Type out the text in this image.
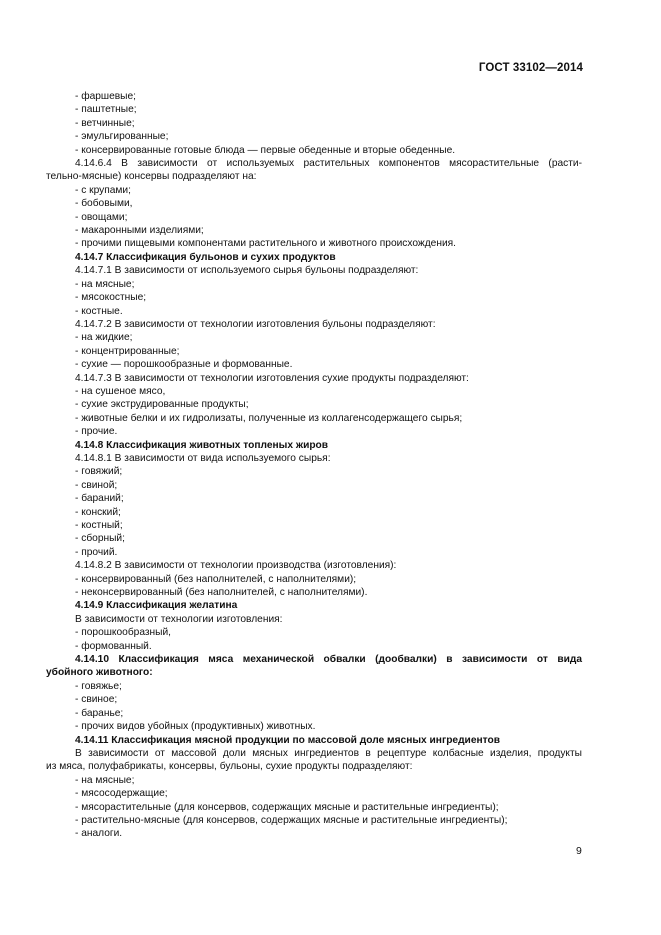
ГОСТ 33102—2014
- фаршевые;
- паштетные;
- ветчинные;
- эмульгированные;
- консервированные готовые блюда — первые обеденные и вторые обеденные.
4.14.6.4 В зависимости от используемых растительных компонентов мясорастительные (расти-
тельно-мясные) консервы подразделяют на:
- с крупами;
- бобовыми,
- овощами;
- макаронными изделиями;
- прочими пищевыми компонентами растительного и животного происхождения.
4.14.7 Классификация бульонов и сухих продуктов
4.14.7.1 В зависимости от используемого сырья бульоны подразделяют:
- на мясные;
- мясокостные;
- костные.
4.14.7.2 В зависимости от технологии изготовления бульоны подразделяют:
- на жидкие;
- концентрированные;
- сухие — порошкообразные и формованные.
4.14.7.3 В зависимости от технологии изготовления сухие продукты подразделяют:
- на сушеное мясо,
- сухие экструдированные продукты;
- животные белки и их гидролизаты, полученные из коллагенсодержащего сырья;
- прочие.
4.14.8 Классификация животных топленых жиров
4.14.8.1 В зависимости от вида используемого сырья:
- говяжий;
- свиной;
- бараний;
- конский;
- костный;
- сборный;
- прочий.
4.14.8.2 В зависимости от технологии производства (изготовления):
- консервированный (без наполнителей, с наполнителями);
- неконсервированный (без наполнителей, с наполнителями).
4.14.9 Классификация желатина
В зависимости от технологии изготовления:
- порошкообразный,
- формованный.
4.14.10 Классификация мяса механической обвалки (дообвалки) в зависимости от вида
убойного животного:
- говяжье;
- свиное;
- баранье;
- прочих видов убойных (продуктивных) животных.
4.14.11 Классификация мясной продукции по массовой доле мясных ингредиентов
В зависимости от массовой доли мясных ингредиентов в рецептуре колбасные изделия, продукты
из мяса, полуфабрикаты, консервы, бульоны, сухие продукты подразделяют:
- на мясные;
- мясосодержащие;
- мясорастительные (для консервов, содержащих мясные и растительные ингредиенты);
- растительно-мясные (для консервов, содержащих мясные и растительные ингредиенты);
- аналоги.
9
